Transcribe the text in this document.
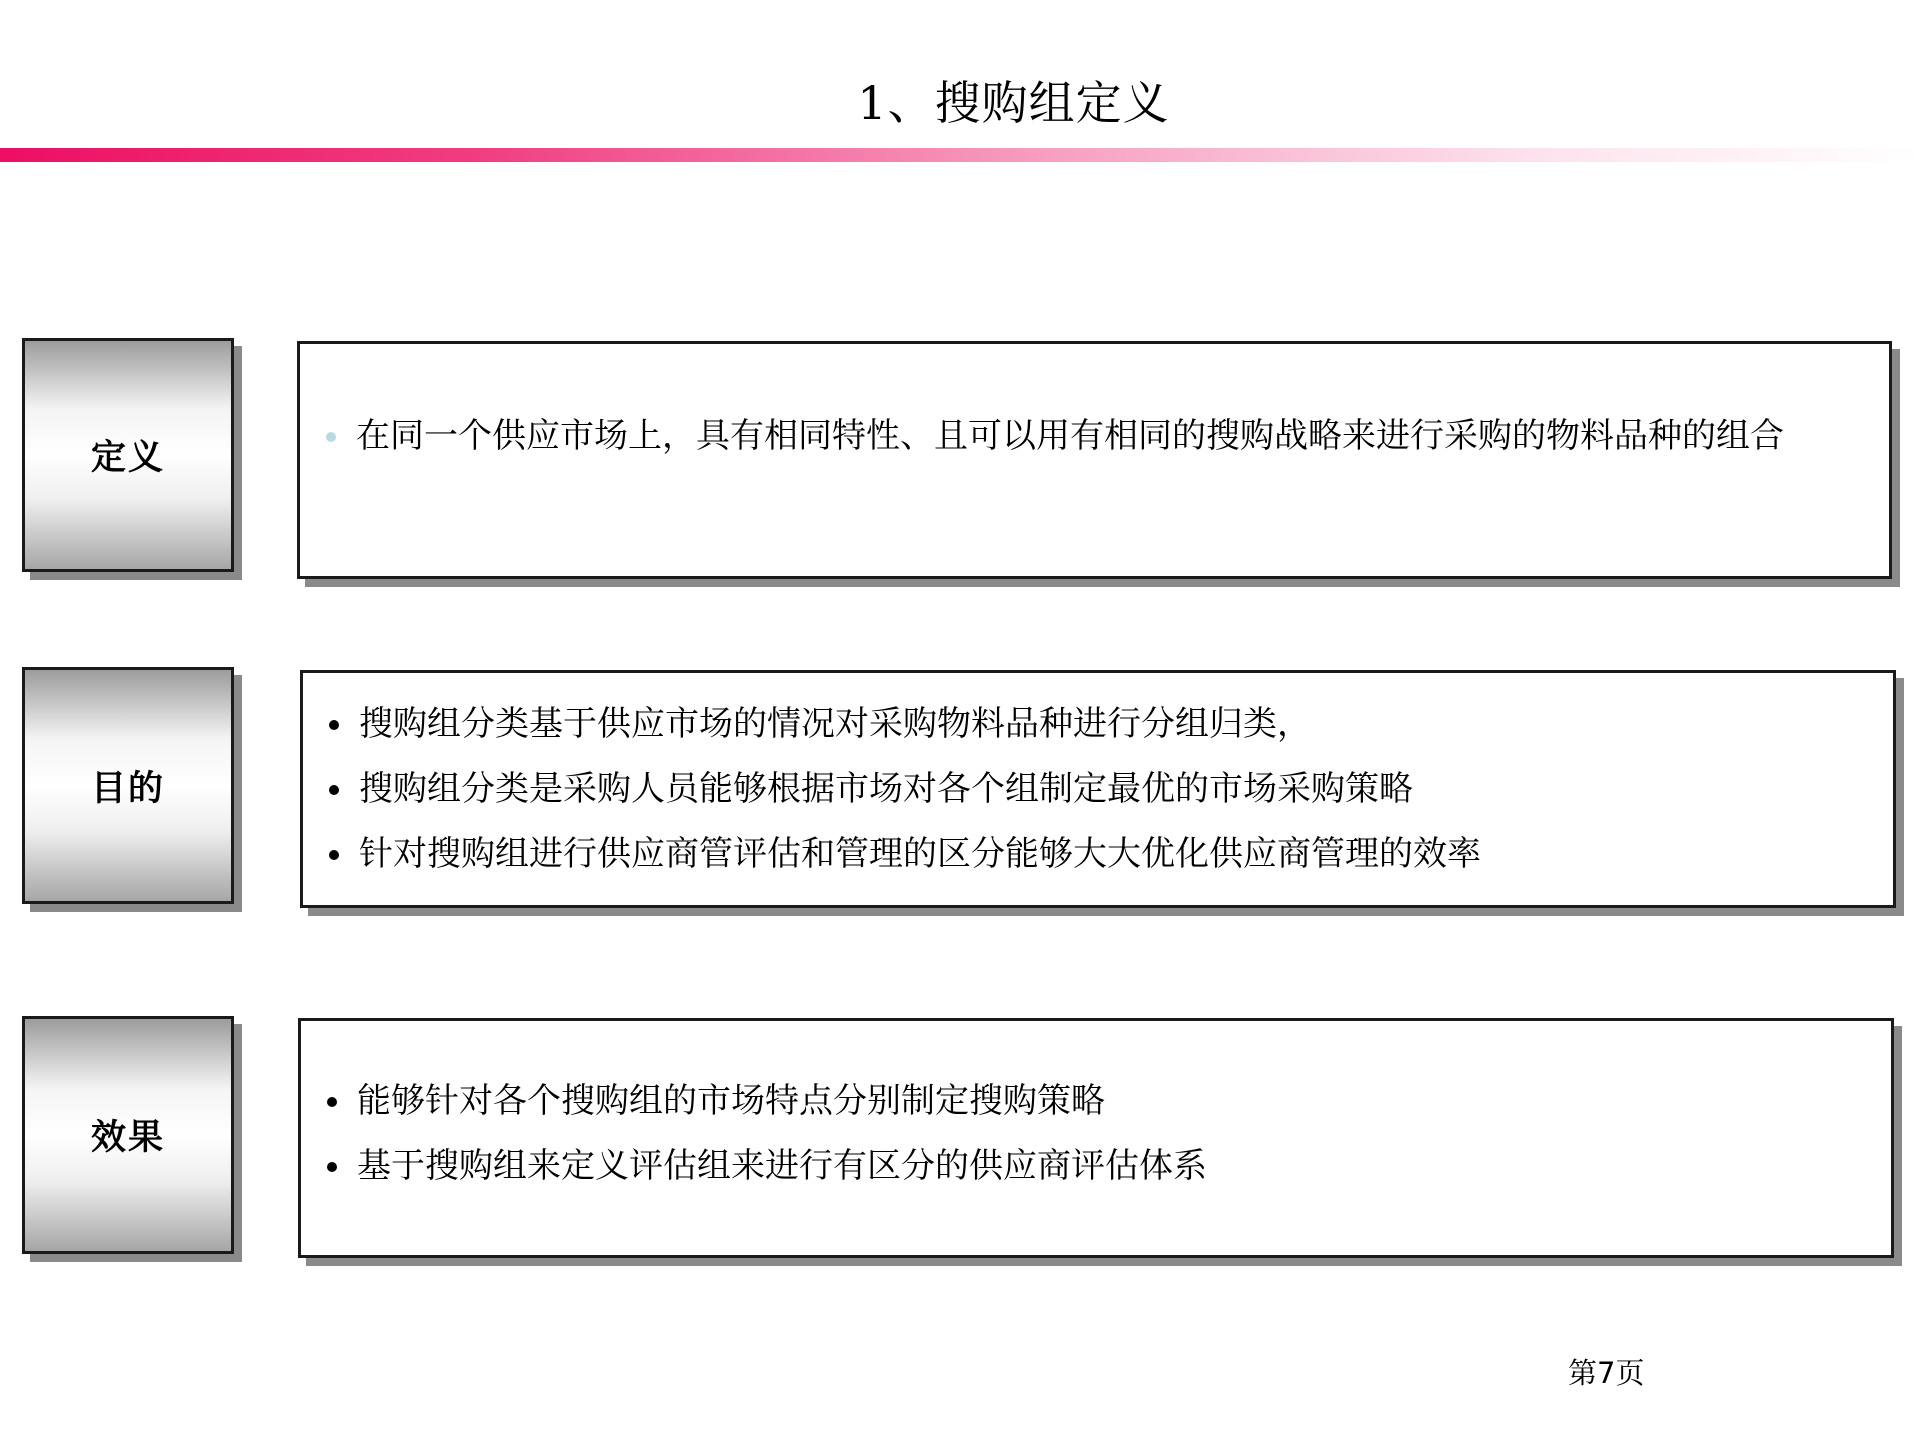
1、搜购组定义
定义
在同一个供应市场上，具有相同特性、且可以用有相同的搜购战略来进行采购的物料品种的组合
目的
搜购组分类基于供应市场的情况对采购物料品种进行分组归类，
搜购组分类是采购人员能够根据市场对各个组制定最优的市场采购策略
针对搜购组进行供应商管评估和管理的区分能够大大优化供应商管理的效率
效果
能够针对各个搜购组的市场特点分别制定搜购策略
基于搜购组来定义评估组来进行有区分的供应商评估体系
第7页
